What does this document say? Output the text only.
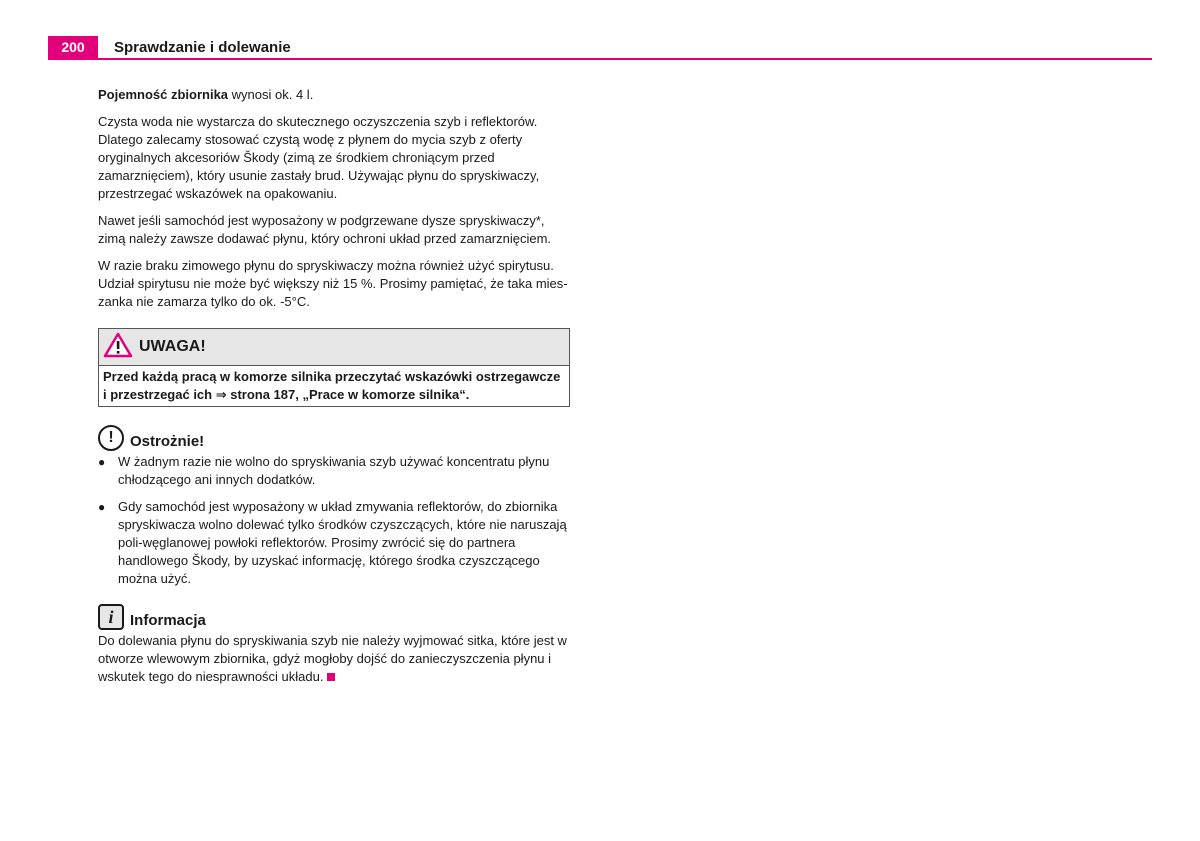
200	Sprawdzanie i dolewanie

Pojemność zbiornika wynosi ok. 4 l.

Czysta woda nie wystarcza do skutecznego oczyszczenia szyb i reflektorów. Dlatego zalecamy stosować czystą wodę z płynem do mycia szyb z oferty oryginalnych akcesoriów Škody (zimą ze środkiem chroniącym przed zamarznięciem), który usunie zastały brud. Używając płynu do spryskiwaczy, przestrzegać wskazówek na opakowaniu.

Nawet jeśli samochód jest wyposażony w podgrzewane dysze spryskiwaczy*, zimą należy zawsze dodawać płynu, który ochroni układ przed zamarznięciem.

W razie braku zimowego płynu do spryskiwaczy można również użyć spirytusu. Udział spirytusu nie może być większy niż 15 %. Prosimy pamiętać, że taka mies-zanka nie zamarza tylko do ok. -5°C.

UWAGA!
Przed każdą pracą w komorze silnika przeczytać wskazówki ostrzegawcze i przestrzegać ich ⇒ strona 187, „Prace w komorze silnika“.
!	Ostrożnie!
● W żadnym razie nie wolno do spryskiwania szyb używać koncentratu płynu chłodzącego ani innych dodatków.
● Gdy samochód jest wyposażony w układ zmywania reflektorów, do zbiornika spryskiwacza wolno dolewać tylko środków czyszczących, które nie naruszają poli-węglanowej powłoki reflektorów. Prosimy zwrócić się do partnera handlowego Škody, by uzyskać informację, którego środka czyszczącego można użyć.
i	Informacja

Do dolewania płynu do spryskiwania szyb nie należy wyjmować sitka, które jest w otworze wlewowym zbiornika, gdyż mogłoby dojść do zanieczyszczenia płynu i wskutek tego do niesprawności układu.
